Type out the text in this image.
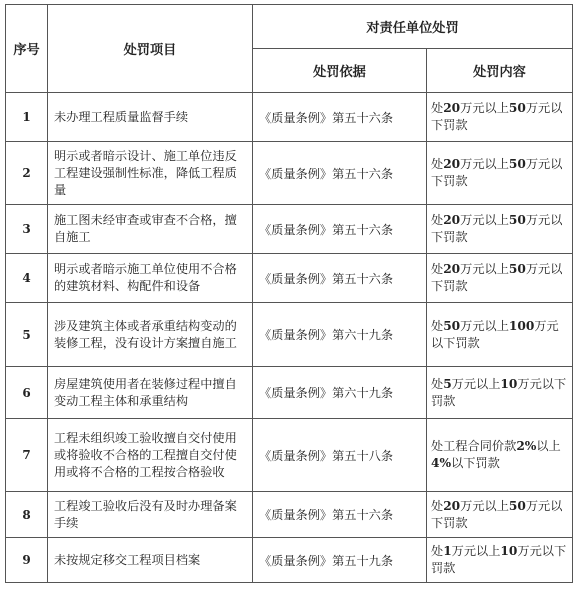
序号	处罚项目	对责任单位处罚	
		处罚依据	处罚内容
1	未办理工程质量监督手续	《质量条例》第五十六条	处20万元以上50万元以下罚款
2	明示或者暗示设计、施工单位违反工程建设强制性标准，降低工程质量	《质量条例》第五十六条	处20万元以上50万元以下罚款
3	施工图未经审查或审查不合格，擅自施工	《质量条例》第五十六条	处20万元以上50万元以下罚款
4	明示或者暗示施工单位使用不合格的建筑材料、构配件和设备	《质量条例》第五十六条	处20万元以上50万元以下罚款
5	涉及建筑主体或者承重结构变动的装修工程，没有设计方案擅自施工	《质量条例》第六十九条	处50万元以上100万元以下罚款
6	房屋建筑使用者在装修过程中擅自变动工程主体和承重结构	《质量条例》第六十九条	处5万元以上10万元以下罚款
7	工程未组织竣工验收擅自交付使用或将验收不合格的工程擅自交付使用或将不合格的工程按合格验收	《质量条例》第五十八条	处工程合同价款2%以上4%以下罚款
8	工程竣工验收后没有及时办理备案手续	《质量条例》第五十六条	处20万元以上50万元以下罚款
9	未按规定移交工程项目档案	《质量条例》第五十九条	处1万元以上10万元以下罚款
